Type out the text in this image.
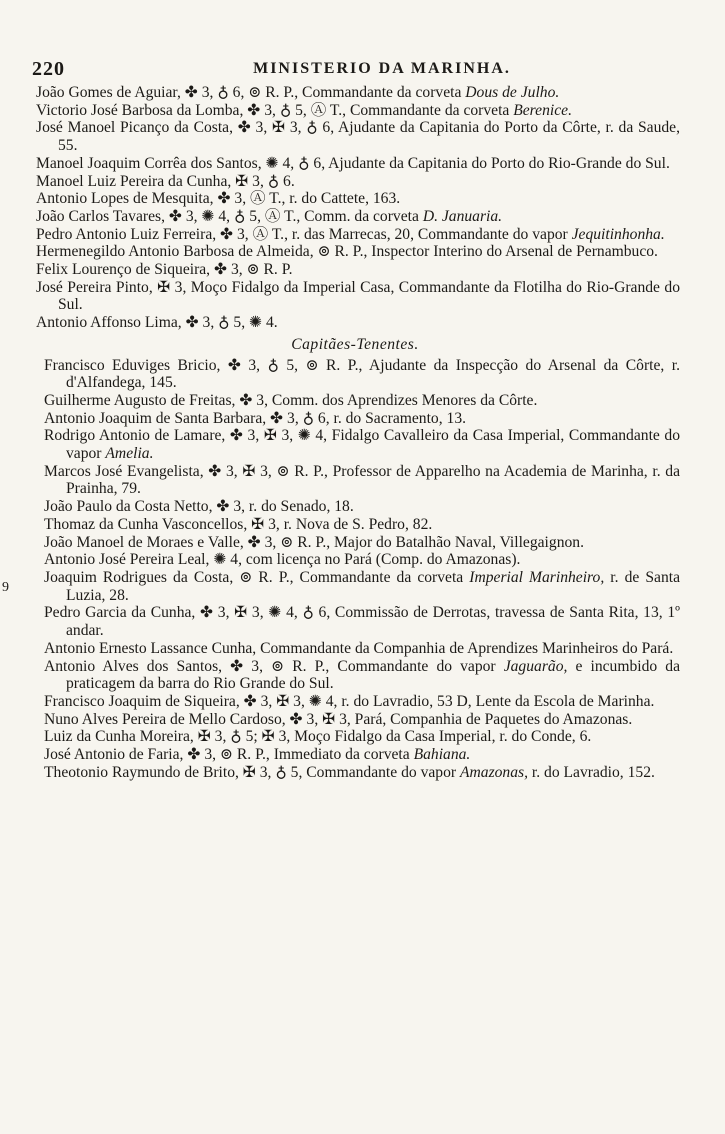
220	MINISTERIO DA MARINHA.
9

João Gomes de Aguiar, ✤ 3, ♁ 6, ⊚ R. P., Commandante da corveta Dous de Julho.

Victorio José Barbosa da Lomba, ✤ 3, ♁ 5, Ⓐ T., Commandante da corveta Berenice.

José Manoel Picanço da Costa, ✤ 3, ✠ 3, ♁ 6, Ajudante da Capitania do Porto da Côrte, r. da Saude, 55.

Manoel Joaquim Corrêa dos Santos, ✺ 4, ♁ 6, Ajudante da Capitania do Porto do Rio-Grande do Sul.

Manoel Luiz Pereira da Cunha, ✠ 3, ♁ 6.

Antonio Lopes de Mesquita, ✤ 3, Ⓐ T., r. do Cattete, 163.

João Carlos Tavares, ✤ 3, ✺ 4, ♁ 5, Ⓐ T., Comm. da corveta D. Januaria.

Pedro Antonio Luiz Ferreira, ✤ 3, Ⓐ T., r. das Marrecas, 20, Commandante do vapor Jequitinhonha.

Hermenegildo Antonio Barbosa de Almeida, ⊚ R. P., Inspector Interino do Arsenal de Pernambuco.

Felix Lourenço de Siqueira, ✤ 3, ⊚ R. P.

José Pereira Pinto, ✠ 3, Moço Fidalgo da Imperial Casa, Commandante da Flotilha do Rio-Grande do Sul.

Antonio Affonso Lima, ✤ 3, ♁ 5, ✺ 4.

Capitães-Tenentes.

Francisco Eduviges Bricio, ✤ 3, ♁ 5, ⊚ R. P., Ajudante da Inspecção do Arsenal da Côrte, r. d'Alfandega, 145.

Guilherme Augusto de Freitas, ✤ 3, Comm. dos Aprendizes Menores da Côrte.

Antonio Joaquim de Santa Barbara, ✤ 3, ♁ 6, r. do Sacramento, 13.

Rodrigo Antonio de Lamare, ✤ 3, ✠ 3, ✺ 4, Fidalgo Cavalleiro da Casa Imperial, Commandante do vapor Amelia.

Marcos José Evangelista, ✤ 3, ✠ 3, ⊚ R. P., Professor de Apparelho na Academia de Marinha, r. da Prainha, 79.

João Paulo da Costa Netto, ✤ 3, r. do Senado, 18.

Thomaz da Cunha Vasconcellos, ✠ 3, r. Nova de S. Pedro, 82.

João Manoel de Moraes e Valle, ✤ 3, ⊚ R. P., Major do Batalhão Naval, Villegaignon.

Antonio José Pereira Leal, ✺ 4, com licença no Pará (Comp. do Amazonas).

Joaquim Rodrigues da Costa, ⊚ R. P., Commandante da corveta Imperial Marinheiro, r. de Santa Luzia, 28.

Pedro Garcia da Cunha, ✤ 3, ✠ 3, ✺ 4, ♁ 6, Commissão de Derrotas, travessa de Santa Rita, 13, 1º andar.

Antonio Ernesto Lassance Cunha, Commandante da Companhia de Aprendizes Marinheiros do Pará.

Antonio Alves dos Santos, ✤ 3, ⊚ R. P., Commandante do vapor Jaguarão, e incumbido da praticagem da barra do Rio Grande do Sul.

Francisco Joaquim de Siqueira, ✤ 3, ✠ 3, ✺ 4, r. do Lavradio, 53 D, Lente da Escola de Marinha.

Nuno Alves Pereira de Mello Cardoso, ✤ 3, ✠ 3, Pará, Companhia de Paquetes do Amazonas.

Luiz da Cunha Moreira, ✠ 3, ♁ 5; ✠ 3, Moço Fidalgo da Casa Imperial, r. do Conde, 6.

José Antonio de Faria, ✤ 3, ⊚ R. P., Immediato da corveta Bahiana.

Theotonio Raymundo de Brito, ✠ 3, ♁ 5, Commandante do vapor Amazonas, r. do Lavradio, 152.
